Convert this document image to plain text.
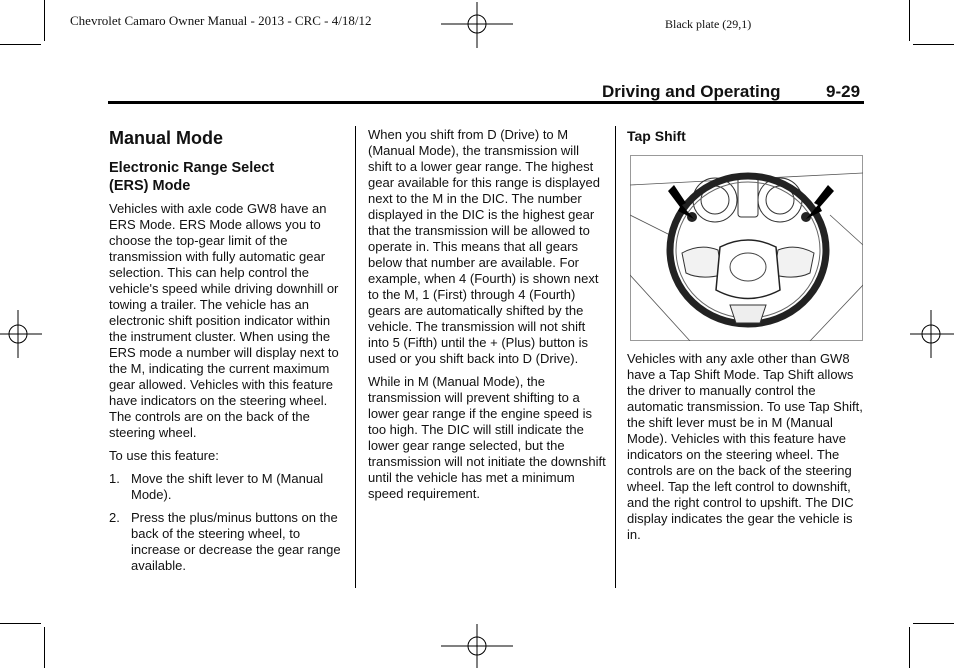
Chevrolet Camaro Owner Manual - 2013 - CRC - 4/18/12	Black plate (29,1)
Driving and Operating	9-29
Manual Mode
Electronic Range Select (ERS) Mode

Vehicles with axle code GW8 have an ERS Mode. ERS Mode allows you to choose the top-gear limit of the transmission with fully automatic gear selection. This can help control the vehicle's speed while driving downhill or towing a trailer. The vehicle has an electronic shift position indicator within the instrument cluster. When using the ERS mode a number will display next to the M, indicating the current maximum gear allowed. Vehicles with this feature have indicators on the steering wheel. The controls are on the back of the steering wheel.

To use this feature:

1. Move the shift lever to M (Manual Mode).
2. Press the plus/minus buttons on the back of the steering wheel, to increase or decrease the gear range available.

When you shift from D (Drive) to M (Manual Mode), the transmission will shift to a lower gear range. The highest gear available for this range is displayed next to the M in the DIC. The number displayed in the DIC is the highest gear that the transmission will be allowed to operate in. This means that all gears below that number are available. For example, when 4 (Fourth) is shown next to the M, 1 (First) through 4 (Fourth) gears are automatically shifted by the vehicle. The transmission will not shift into 5 (Fifth) until the + (Plus) button is used or you shift back into D (Drive).

While in M (Manual Mode), the transmission will prevent shifting to a lower gear range if the engine speed is too high. The DIC will still indicate the lower gear range selected, but the transmission will not initiate the downshift until the vehicle has met a minimum speed requirement.

Tap Shift

Vehicles with any axle other than GW8 have a Tap Shift Mode. Tap Shift allows the driver to manually control the automatic transmission. To use Tap Shift, the shift lever must be in M (Manual Mode). Vehicles with this feature have indicators on the steering wheel. The controls are on the back of the steering wheel. Tap the left control to downshift, and the right control to upshift. The DIC display indicates the gear the vehicle is in.
